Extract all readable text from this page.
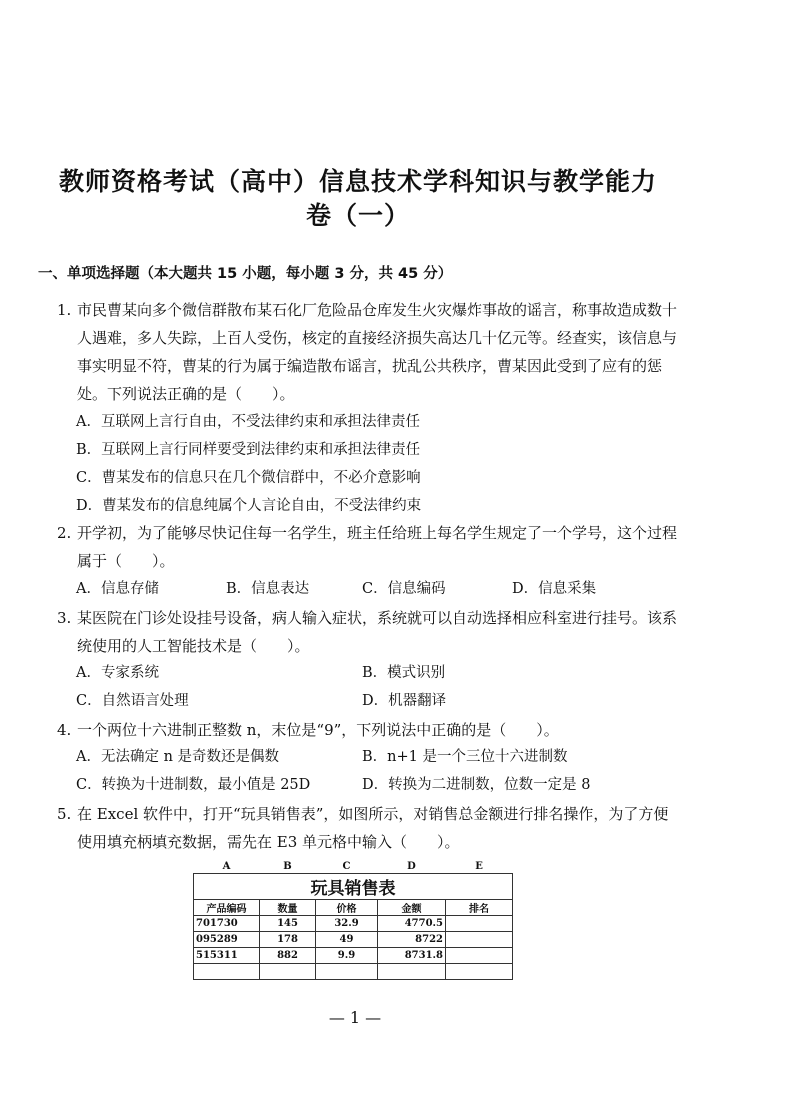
教师资格考试（高中）信息技术学科知识与教学能力
卷（一）
一、单项选择题（本大题共 15 小题，每小题 3 分，共 45 分）
1. 市民曹某向多个微信群散布某石化厂危险品仓库发生火灾爆炸事故的谣言，称事故造成数十人遇难，多人失踪，上百人受伤，核定的直接经济损失高达几十亿元等。经查实，该信息与事实明显不符，曹某的行为属于编造散布谣言，扰乱公共秩序，曹某因此受到了应有的惩处。下列说法正确的是（　　）。
A．互联网上言行自由，不受法律约束和承担法律责任
B．互联网上言行同样要受到法律约束和承担法律责任
C．曹某发布的信息只在几个微信群中，不必介意影响
D．曹某发布的信息纯属个人言论自由，不受法律约束
2. 开学初，为了能够尽快记住每一名学生，班主任给班上每名学生规定了一个学号，这个过程属于（　　）。
A．信息存储	B．信息表达	C．信息编码	D．信息采集
3. 某医院在门诊处设挂号设备，病人输入症状，系统就可以自动选择相应科室进行挂号。该系统使用的人工智能技术是（　　）。
A．专家系统	B．模式识别
C．自然语言处理	D．机器翻译
4. 一个两位十六进制正整数 n，末位是“9”，下列说法中正确的是（　　）。
A．无法确定 n 是奇数还是偶数	B．n+1 是一个三位十六进制数
C．转换为十进制数，最小值是 25D	D．转换为二进制数，位数一定是 8
5. 在 Excel 软件中，打开“玩具销售表”，如图所示，对销售总金额进行排名操作，为了方便使用填充柄填充数据，需先在 E3 单元格中输入（　　）。
A	B	C	D	E
玩具销售表				
产品编码	数量	价格	金额	排名
701730	145	32.9	4770.5	
095289	178	49	8722	
515311	882	9.9	8731.8	

— 1 —
